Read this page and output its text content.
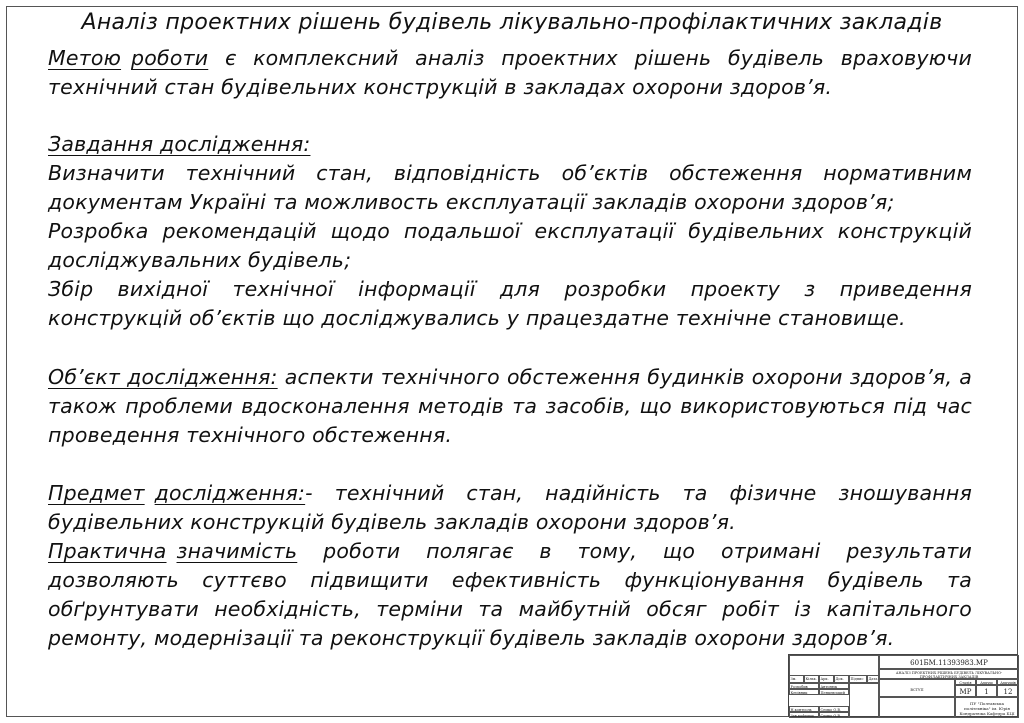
Аналіз проектних рішень будівель лікувально-профілактичних закладів
Метою роботи є комплексний аналіз проектних рішень будівель враховуючи технічний стан будівельних конструкцій в закладах охорони здоров’я.
Завдання дослідження:
Визначити технічний стан, відповідність об’єктів обстеження нормативним документам Україні та можливость експлуатації закладів охорони здоров’я;
Розробка рекомендацій щодо подальшої експлуатації будівельних конструкцій досліджувальних будівель;
Збір вихідної технічної інформації для розробки проекту з приведення конструкцій об’єктів що досліджувались у працездатне технічне становище.
Об’єкт дослідження: аспекти технічного обстеження будинків охорони здоров’я, а також проблеми вдосконалення методів та засобів, що використовуються під час проведення технічного обстеження.
Предмет дослідження:- технічний стан, надійність та фізичне зношування будівельних конструкцій будівель закладів охорони здоров’я.
Практична значимість роботи полягає в тому, що отримані результати дозволяють суттєво підвищити ефективність функціонування будівель та обґрунтувати необхідність, терміни та майбутній обсяг робіт із капітального ремонту, модернізації та реконструкції будівель закладів охорони здоров’я.
Зм.	Кільк.	Арк.	Док.	Підпис	Дата
Розробив	Антонюк
Керівник	Пенцевський
Н.контроль	Семко О.В.
Зав.кафедри	Семко О.В.
601БМ.11393983.МР
АНАЛІЗ ПРОЕКТНИХ РІШЕНЬ БУДІВЕЛЬ ЛІКУВАЛЬНО-ПРОФІЛАКТИЧНИХ ЗАКЛАДІВ
ВСТУП
Стадія	Аркуш	Аркушів
МР	1	12
ПУ "Полтавська політехніка" ім. Юрія Кондратюка Кафедра БЦІ
